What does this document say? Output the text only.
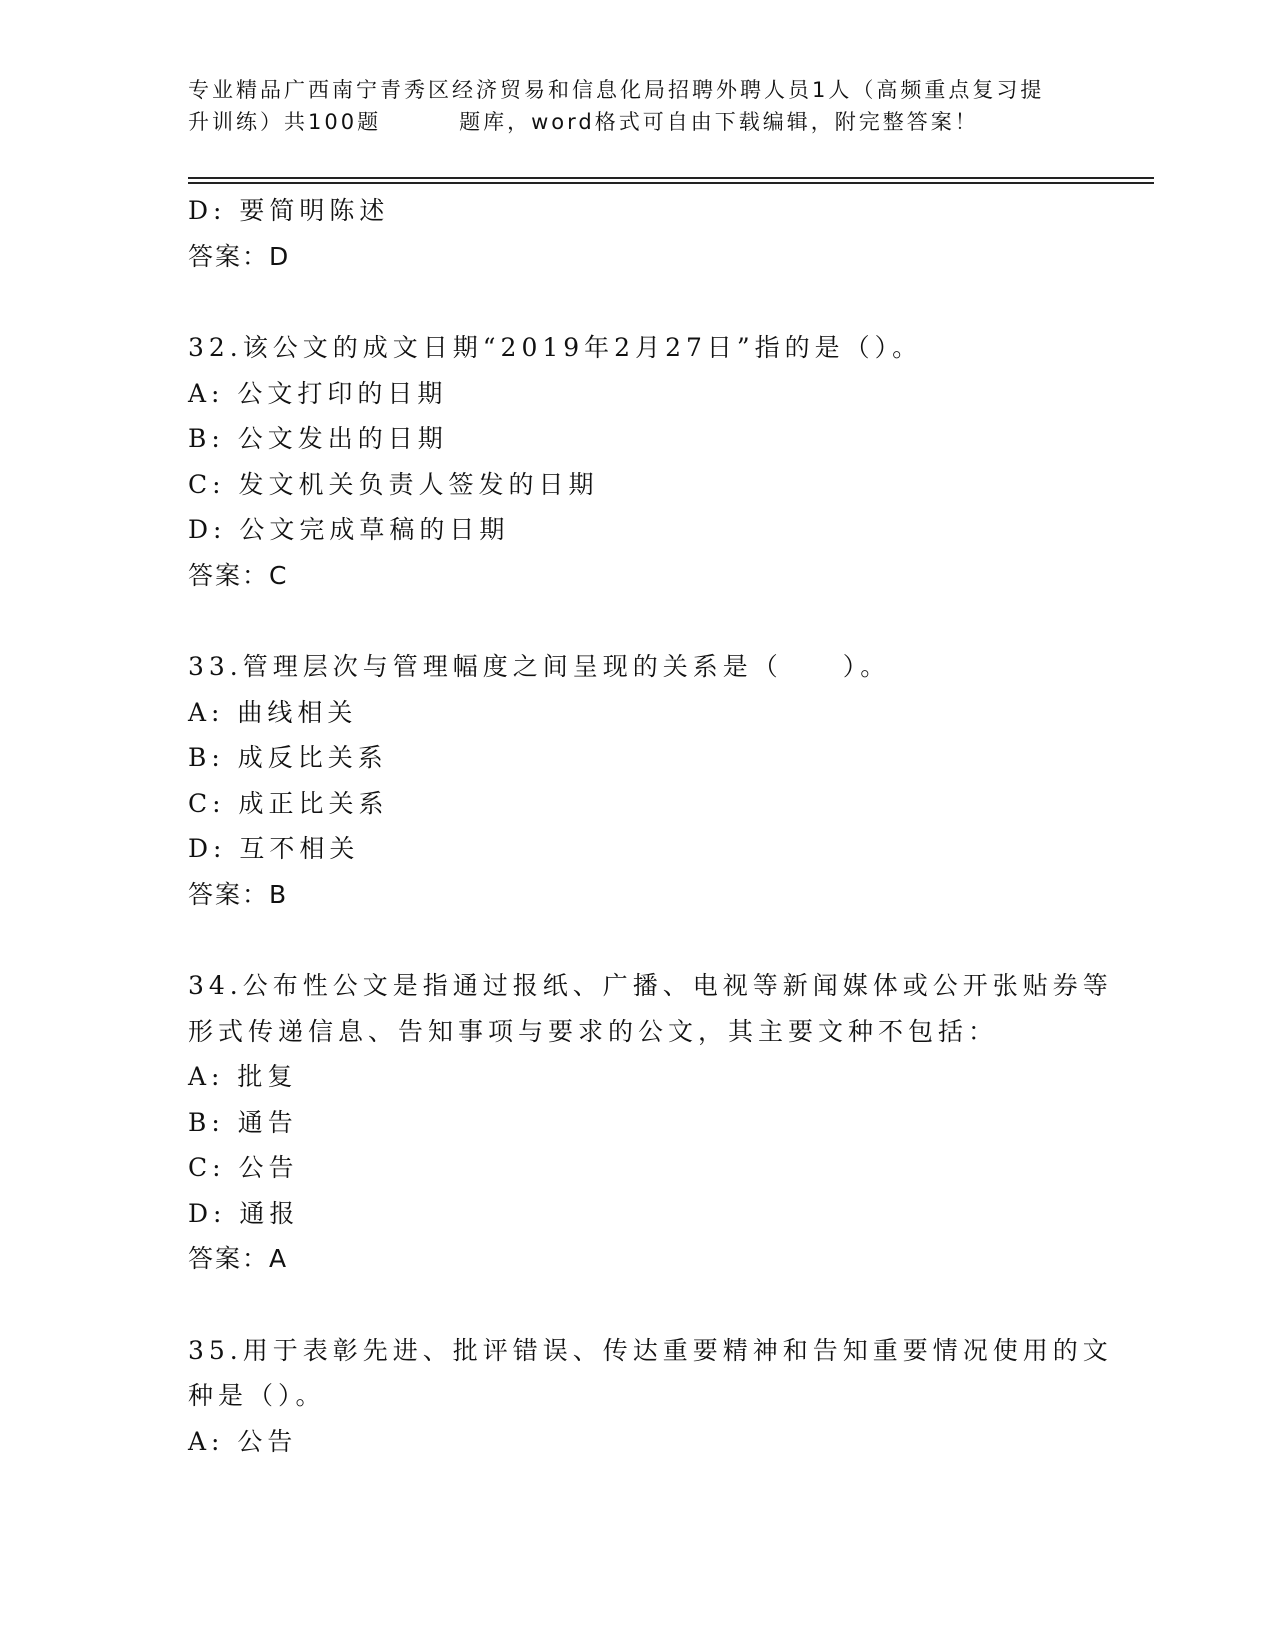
专业精品广西南宁青秀区经济贸易和信息化局招聘外聘人员1人（高频重点复习提
升训练）共100题	题库，word格式可自由下载编辑，附完整答案！
D: 要简明陈述
答案：D
32.该公文的成文日期“2019年2月27日”指的是（）。
A: 公文打印的日期
B: 公文发出的日期
C: 发文机关负责人签发的日期
D: 公文完成草稿的日期
答案：C
33.管理层次与管理幅度之间呈现的关系是（　　）。
A: 曲线相关
B: 成反比关系
C: 成正比关系
D: 互不相关
答案：B
34.公布性公文是指通过报纸、广播、电视等新闻媒体或公开张贴券等
形式传递信息、告知事项与要求的公文，其主要文种不包括：
A: 批复
B: 通告
C: 公告
D: 通报
答案：A
35.用于表彰先进、批评错误、传达重要精神和告知重要情况使用的文
种是（）。
A: 公告
